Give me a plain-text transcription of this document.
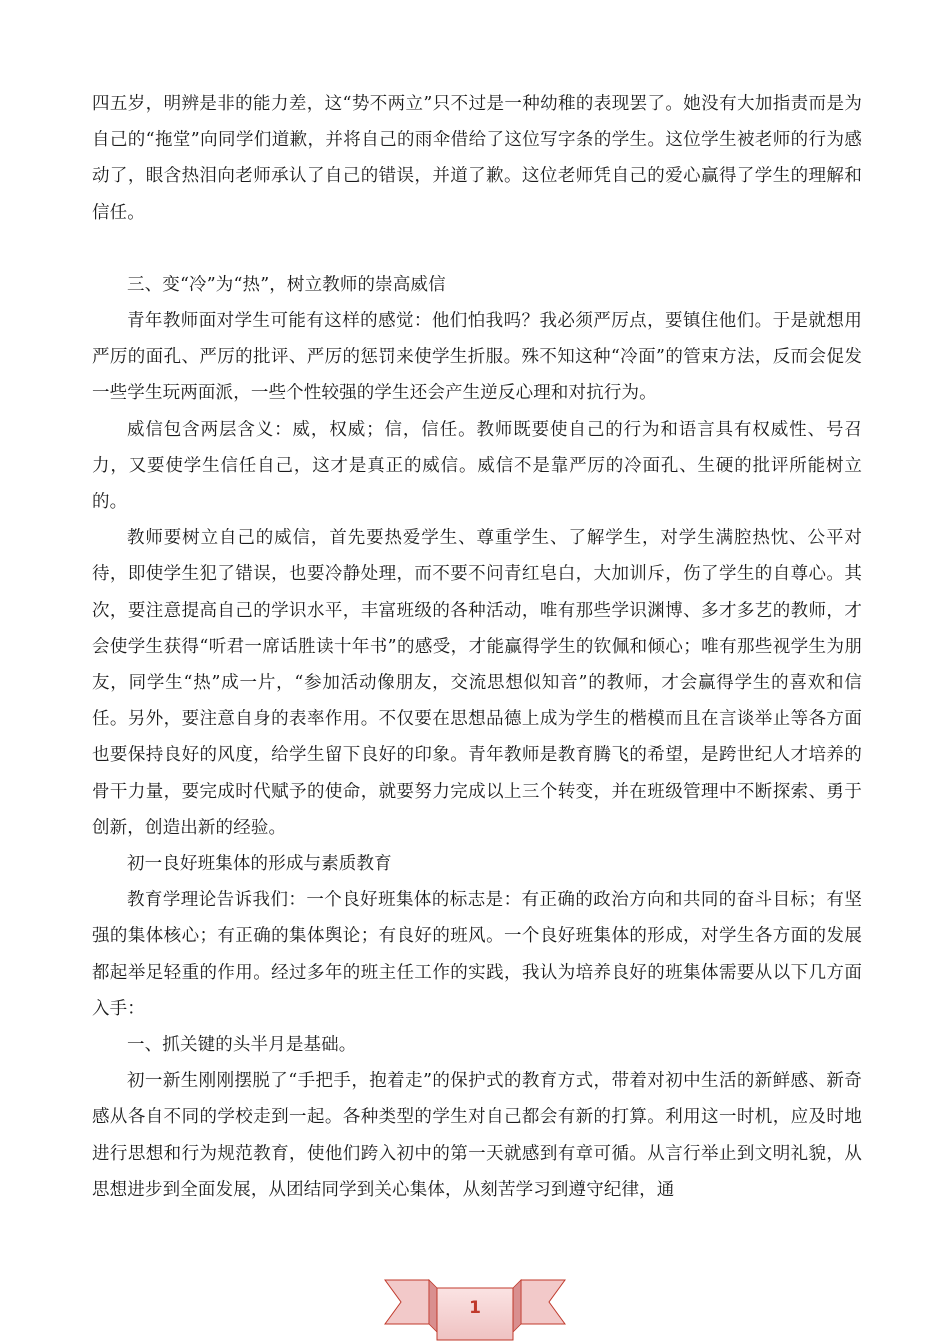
四五岁，明辨是非的能力差，这“势不两立”只不过是一种幼稚的表现罢了。她没有大加指责而是为自己的“拖堂”向同学们道歉，并将自己的雨伞借给了这位写字条的学生。这位学生被老师的行为感动了，眼含热泪向老师承认了自己的错误，并道了歉。这位老师凭自己的爱心赢得了学生的理解和信任。

三、变“冷”为“热”，树立教师的崇高威信

青年教师面对学生可能有这样的感觉：他们怕我吗？我必须严厉点，要镇住他们。于是就想用严厉的面孔、严厉的批评、严厉的惩罚来使学生折服。殊不知这种“冷面”的管束方法，反而会促发一些学生玩两面派，一些个性较强的学生还会产生逆反心理和对抗行为。

威信包含两层含义：威，权威；信，信任。教师既要使自己的行为和语言具有权威性、号召力，又要使学生信任自己，这才是真正的威信。威信不是靠严厉的冷面孔、生硬的批评所能树立的。

教师要树立自己的威信，首先要热爱学生、尊重学生、了解学生，对学生满腔热忱、公平对待，即使学生犯了错误，也要冷静处理，而不要不问青红皂白，大加训斥，伤了学生的自尊心。其次，要注意提高自己的学识水平，丰富班级的各种活动，唯有那些学识渊博、多才多艺的教师，才会使学生获得“听君一席话胜读十年书”的感受，才能赢得学生的钦佩和倾心；唯有那些视学生为朋友，同学生“热”成一片，“参加活动像朋友，交流思想似知音”的教师，才会赢得学生的喜欢和信任。另外，要注意自身的表率作用。不仅要在思想品德上成为学生的楷模而且在言谈举止等各方面也要保持良好的风度，给学生留下良好的印象。青年教师是教育腾飞的希望，是跨世纪人才培养的骨干力量，要完成时代赋予的使命，就要努力完成以上三个转变，并在班级管理中不断探索、勇于创新，创造出新的经验。

初一良好班集体的形成与素质教育

教育学理论告诉我们：一个良好班集体的标志是：有正确的政治方向和共同的奋斗目标；有坚强的集体核心；有正确的集体舆论；有良好的班风。一个良好班集体的形成，对学生各方面的发展都起举足轻重的作用。经过多年的班主任工作的实践，我认为培养良好的班集体需要从以下几方面入手：

一、抓关键的头半月是基础。

初一新生刚刚摆脱了“手把手，抱着走”的保护式的教育方式，带着对初中生活的新鲜感、新奇感从各自不同的学校走到一起。各种类型的学生对自己都会有新的打算。利用这一时机，应及时地进行思想和行为规范教育，使他们跨入初中的第一天就感到有章可循。从言行举止到文明礼貌，从思想进步到全面发展，从团结同学到关心集体，从刻苦学习到遵守纪律，通

1
